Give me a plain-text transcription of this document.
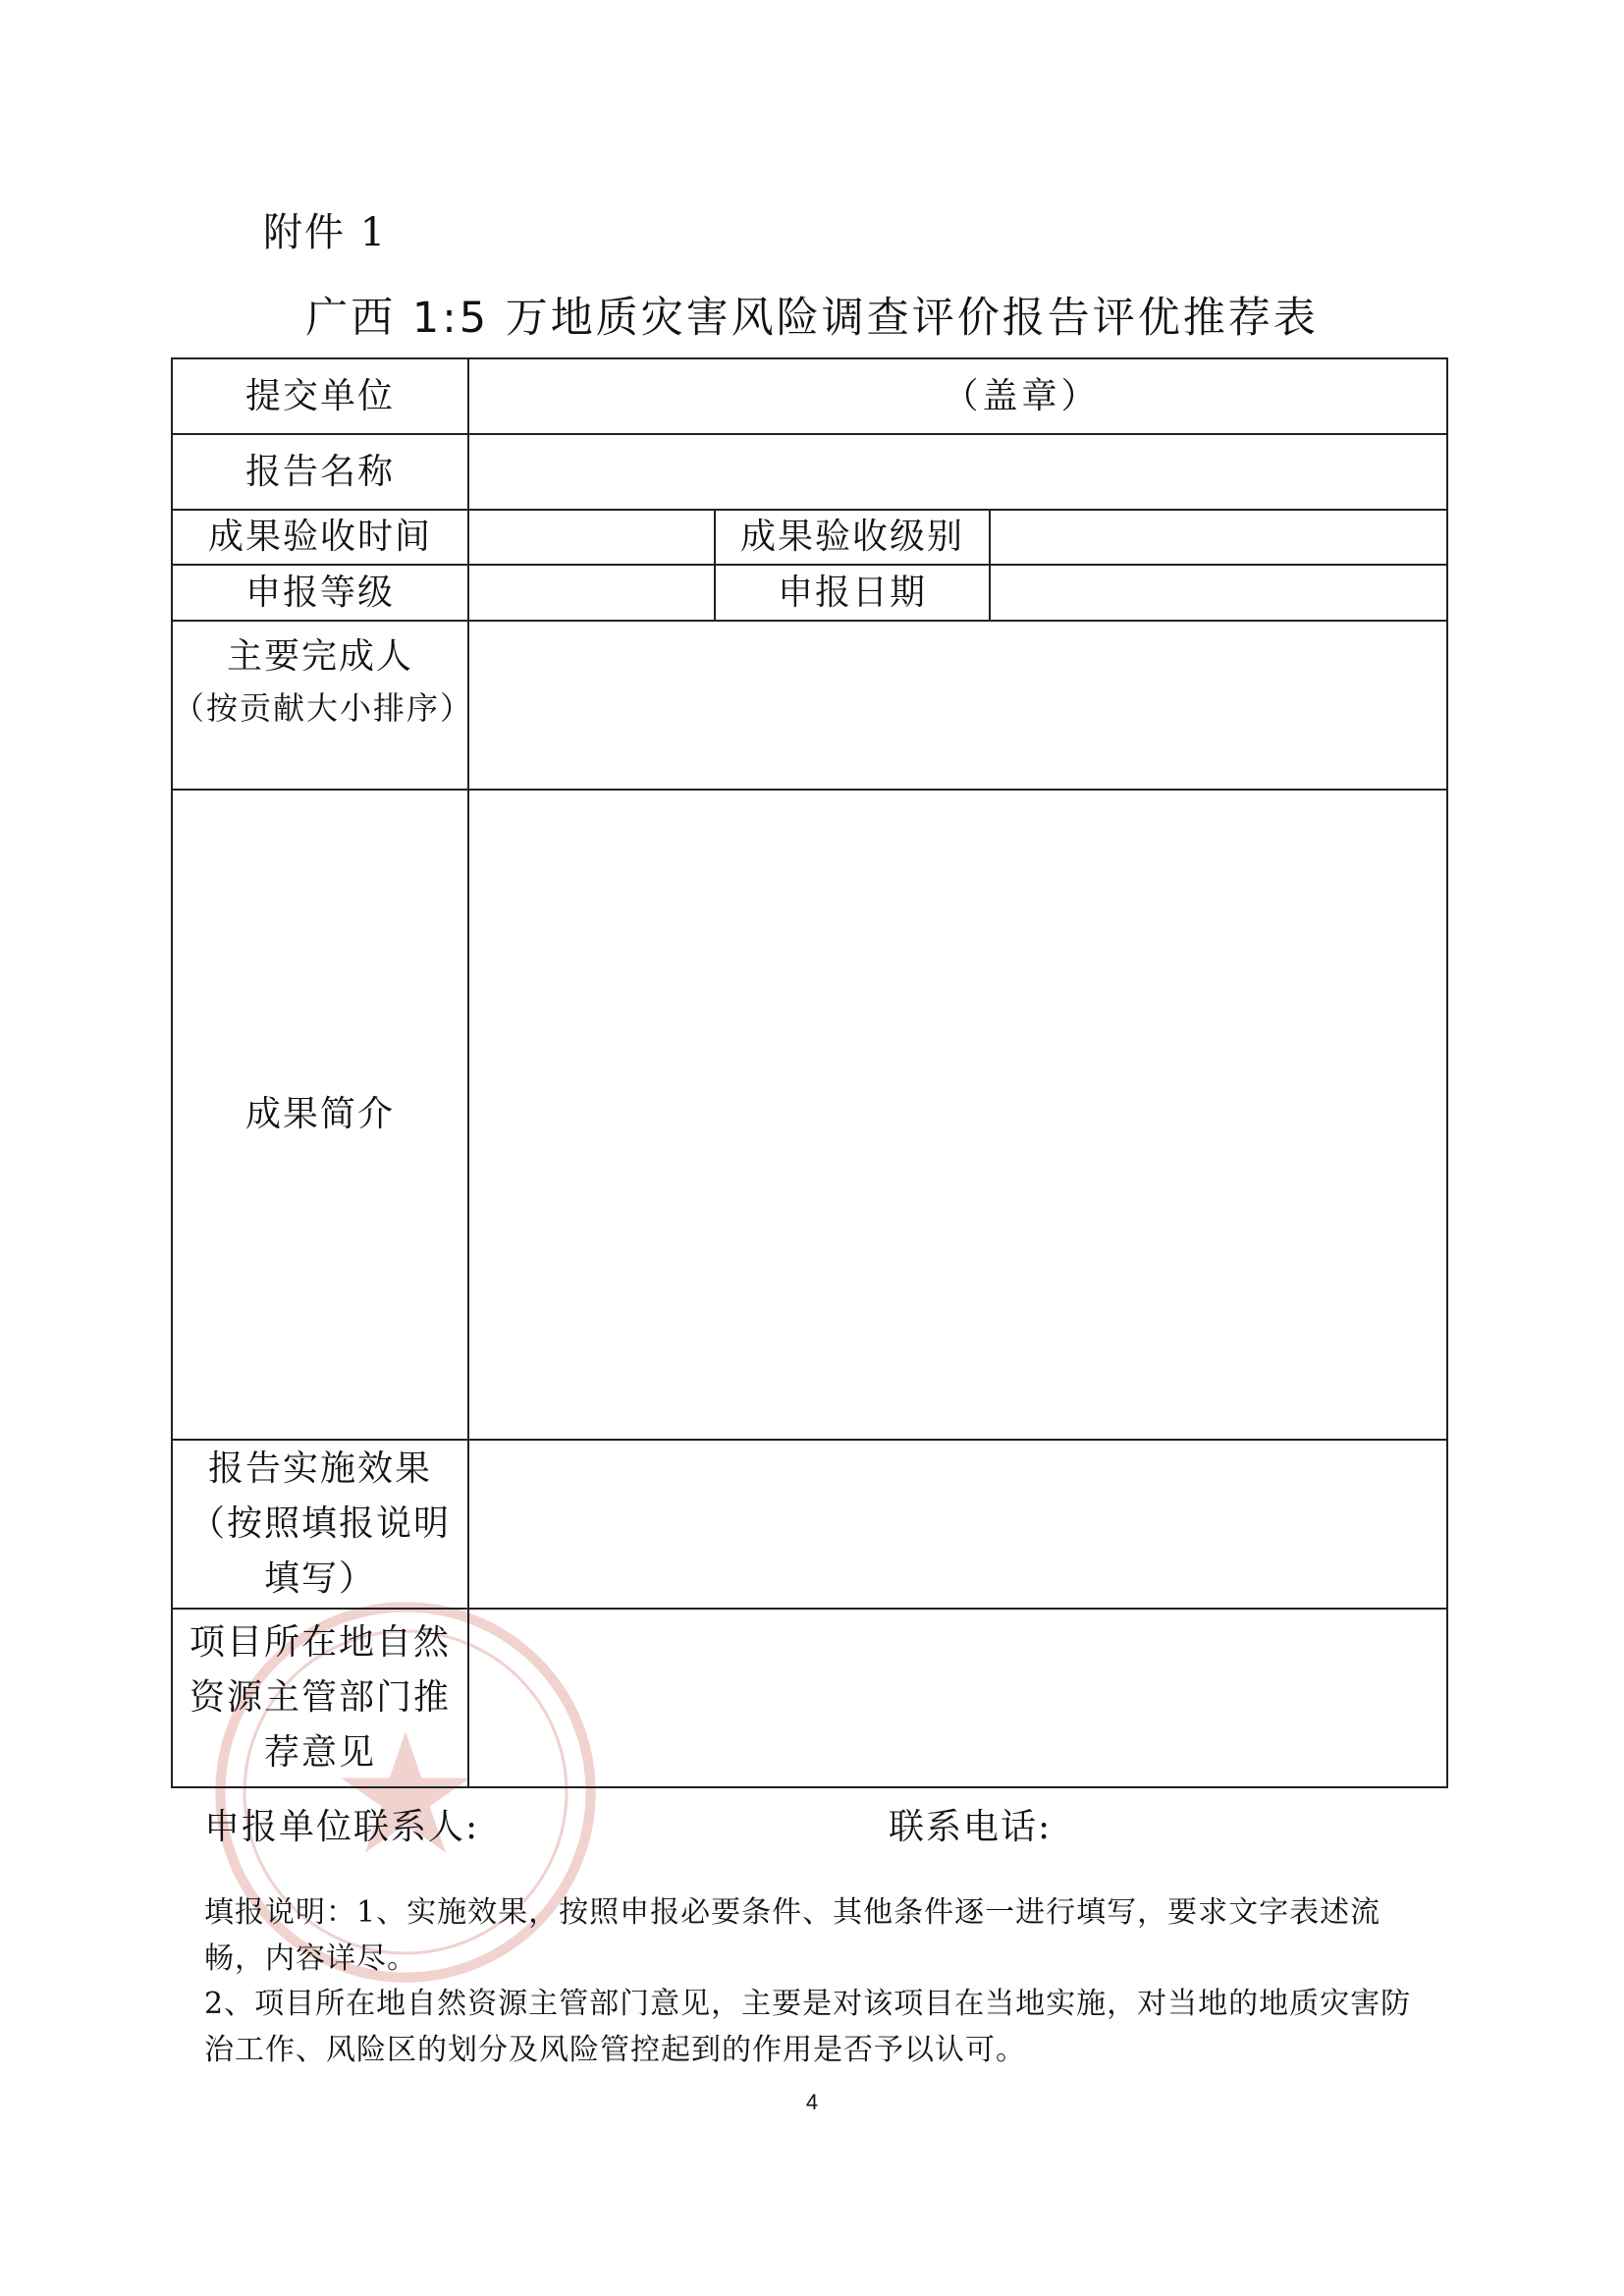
附件 1
广西 1:5 万地质灾害风险调查评价报告评优推荐表
提交单位	（盖章）		

报告名称			
成果验收时间		成果验收级别	
申报等级		申报日期	

主要完成人
（按贡献大小排序）			

成果简介			

报告实施效果
（按照填报说明
填写）			

项目所在地自然
资源主管部门推
荐意见			

申报单位联系人:	联系电话:

填报说明：1、实施效果，按照申报必要条件、其他条件逐一进行填写，要求文字表述流畅，内容详尽。

2、项目所在地自然资源主管部门意见，主要是对该项目在当地实施，对当地的地质灾害防治工作、风险区的划分及风险管控起到的作用是否予以认可。

4
